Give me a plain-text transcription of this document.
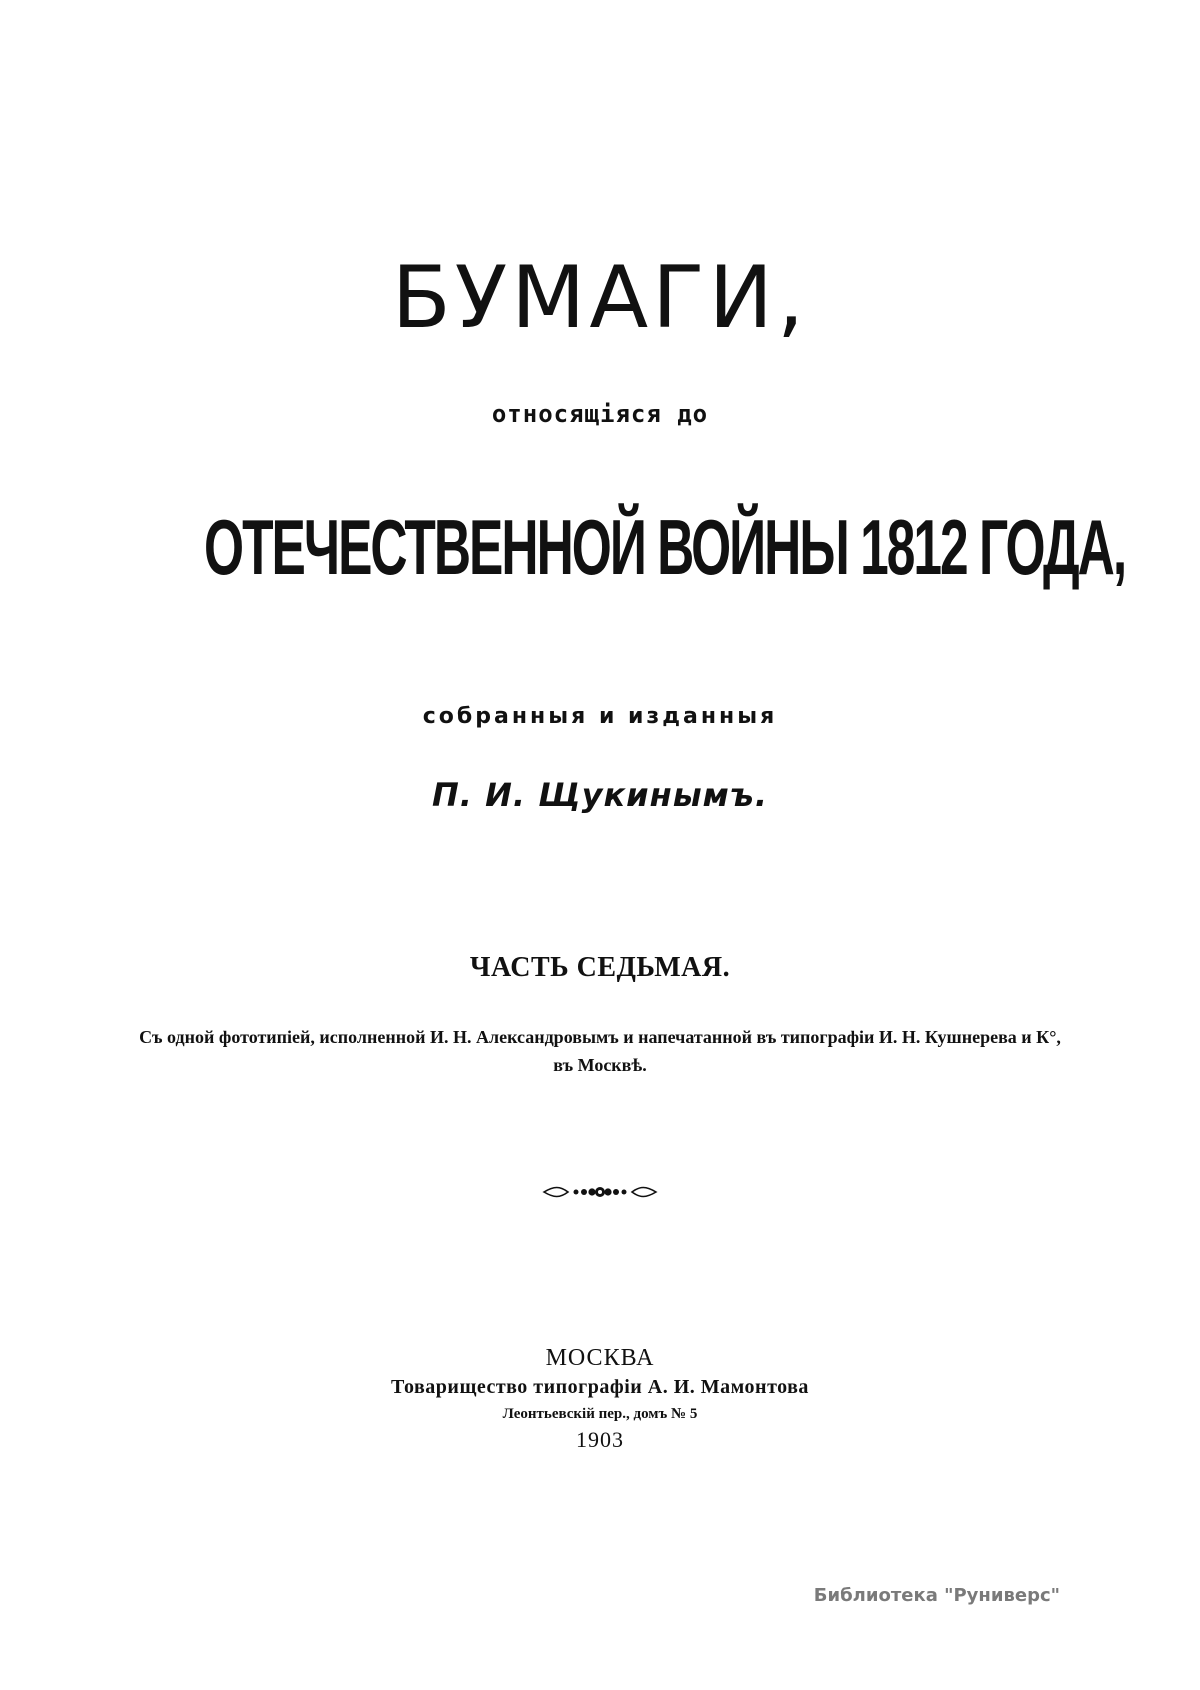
БУМАГИ,
относящіяся до
ОТЕЧЕСТВЕННОЙ ВОЙНЫ 1812 ГОДА,
собранныя и изданныя
П. И. Щукинымъ.
ЧАСТЬ СЕДЬМАЯ.
Съ одной фототипіей, исполненной И. Н. Александровымъ и напечатанной въ типографіи И. Н. Кушнерева и К°,
въ Москвѣ.
МОСКВА
Товарищество типографіи А. И. Мамонтова
Леонтьевскій пер., домъ № 5
1903
Библиотека "Руниверс"
